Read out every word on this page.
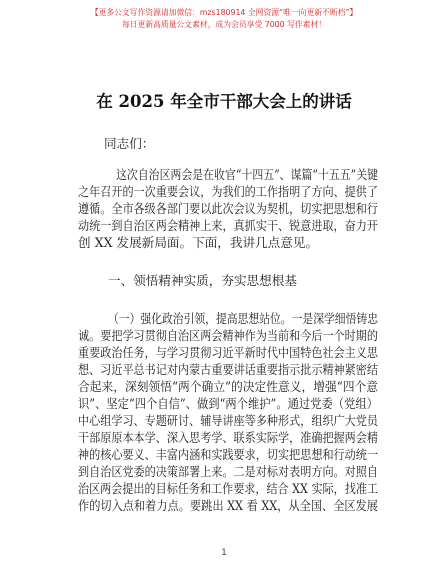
【更多公文写作资源请加微信：mzs180914 全网资源“唯一向更新不断档”】
每日更新高质量公文素材，成为会员享受 7000 写作素材！
在 2025 年全市干部大会上的讲话
同志们：
这次自治区两会是在收官“十四五”、谋篇“十五五”关键
之年召开的一次重要会议，为我们的工作指明了方向、提供了
遵循。全市各级各部门要以此次会议为契机，切实把思想和行
动统一到自治区两会精神上来，真抓实干、锐意进取，奋力开
创 XX 发展新局面。下面，我讲几点意见。
一、领悟精神实质，夯实思想根基
（一）强化政治引领，提高思想站位。一是深学细悟铸忠
诚。要把学习贯彻自治区两会精神作为当前和今后一个时期的
重要政治任务，与学习贯彻习近平新时代中国特色社会主义思
想、习近平总书记对内蒙古重要讲话重要指示批示精神紧密结
合起来，深刻领悟“两个确立”的决定性意义，增强“四个意
识”、坚定“四个自信”、做到“两个维护”。通过党委（党组）
中心组学习、专题研讨、辅导讲座等多种形式，组织广大党员
干部原原本本学、深入思考学、联系实际学，准确把握两会精
神的核心要义、丰富内涵和实践要求，切实把思想和行动统一
到自治区党委的决策部署上来。二是对标对表明方向。对照自
治区两会提出的目标任务和工作要求，结合 XX 实际，找准工
作的切入点和着力点。要跳出 XX 看 XX，从全国、全区发展
1
